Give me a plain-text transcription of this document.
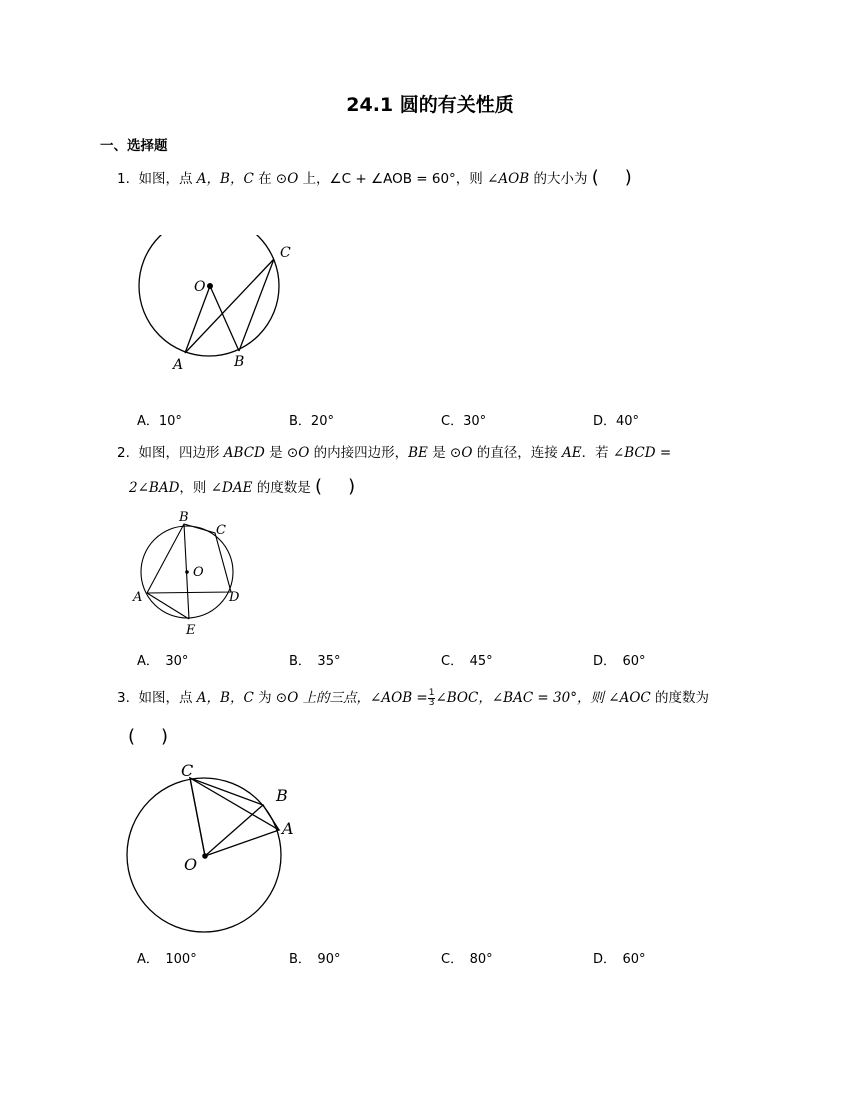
24.1 圆的有关性质
一、选择题
1. 如图，点 A，B，C 在 ⊙O 上，∠C + ∠AOB = 60°，则 ∠AOB 的大小为 ( )
O
A	B
C
A．10°	B．20°	C．30°	D．40°
2. 如图，四边形 ABCD 是 ⊙O 的内接四边形，BE 是 ⊙O 的直径，连接 AE．若 ∠BCD =
2∠BAD，则 ∠DAE 的度数是 ( )
O
A
B
C
D
E
A．　30°	B．　35°	C．　45°	D．　60°
3. 如图，点 A，B，C 为 ⊙O 上的三点，∠AOB = $\frac{1}{3}$ ∠BOC，∠BAC = 30°，则 ∠AOC 的度数为
( )
O
A
B
C
A．　100°	B．　90°	C．　80°	D．　60°
